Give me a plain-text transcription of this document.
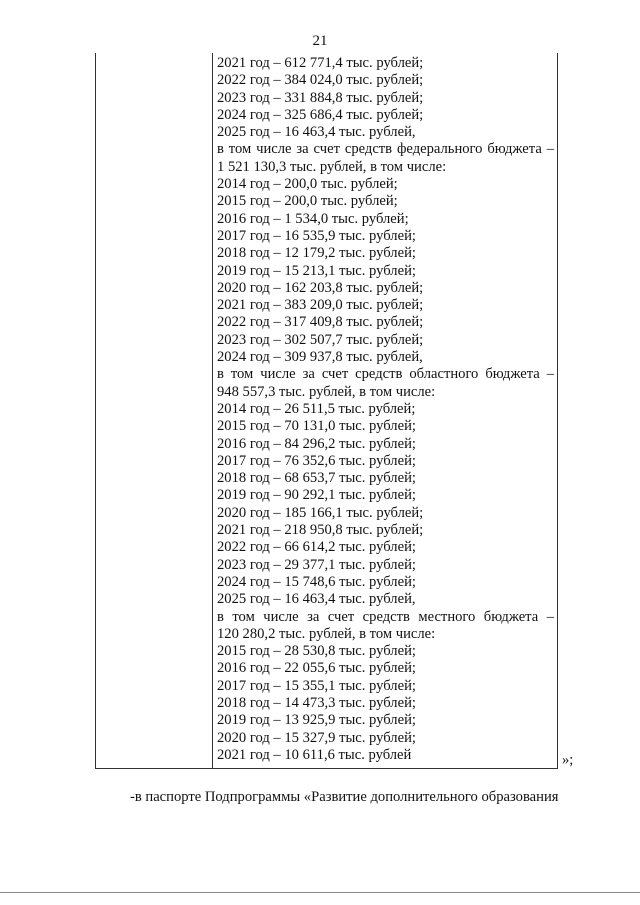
21
2021 год – 612 771,4 тыс. рублей;
2022 год – 384 024,0 тыс. рублей;
2023 год – 331 884,8 тыс. рублей;
2024 год – 325 686,4 тыс. рублей;
2025 год – 16 463,4 тыс. рублей,
в том числе за счет средств федерального бюджета –
1 521 130,3 тыс. рублей, в том числе:
2014 год – 200,0 тыс. рублей;
2015 год – 200,0 тыс. рублей;
2016 год – 1 534,0 тыс. рублей;
2017 год – 16 535,9 тыс. рублей;
2018 год – 12 179,2 тыс. рублей;
2019 год – 15 213,1 тыс. рублей;
2020 год – 162 203,8 тыс. рублей;
2021 год – 383 209,0 тыс. рублей;
2022 год – 317 409,8 тыс. рублей;
2023 год – 302 507,7 тыс. рублей;
2024 год – 309 937,8 тыс. рублей,
в том числе за счет средств областного бюджета –
948 557,3 тыс. рублей, в том числе:
2014 год – 26 511,5 тыс. рублей;
2015 год – 70 131,0 тыс. рублей;
2016 год – 84 296,2 тыс. рублей;
2017 год – 76 352,6 тыс. рублей;
2018 год – 68 653,7 тыс. рублей;
2019 год – 90 292,1 тыс. рублей;
2020 год – 185 166,1 тыс. рублей;
2021 год – 218 950,8 тыс. рублей;
2022 год – 66 614,2 тыс. рублей;
2023 год – 29 377,1 тыс. рублей;
2024 год – 15 748,6 тыс. рублей;
2025 год – 16 463,4 тыс. рублей,
в том числе за счет средств местного бюджета –
120 280,2 тыс. рублей, в том числе:
2015 год – 28 530,8 тыс. рублей;
2016 год – 22 055,6 тыс. рублей;
2017 год – 15 355,1 тыс. рублей;
2018 год – 14 473,3 тыс. рублей;
2019 год – 13 925,9 тыс. рублей;
2020 год – 15 327,9 тыс. рублей;
2021 год – 10 611,6 тыс. рублей	»;
-в паспорте Подпрограммы «Развитие дополнительного образования
